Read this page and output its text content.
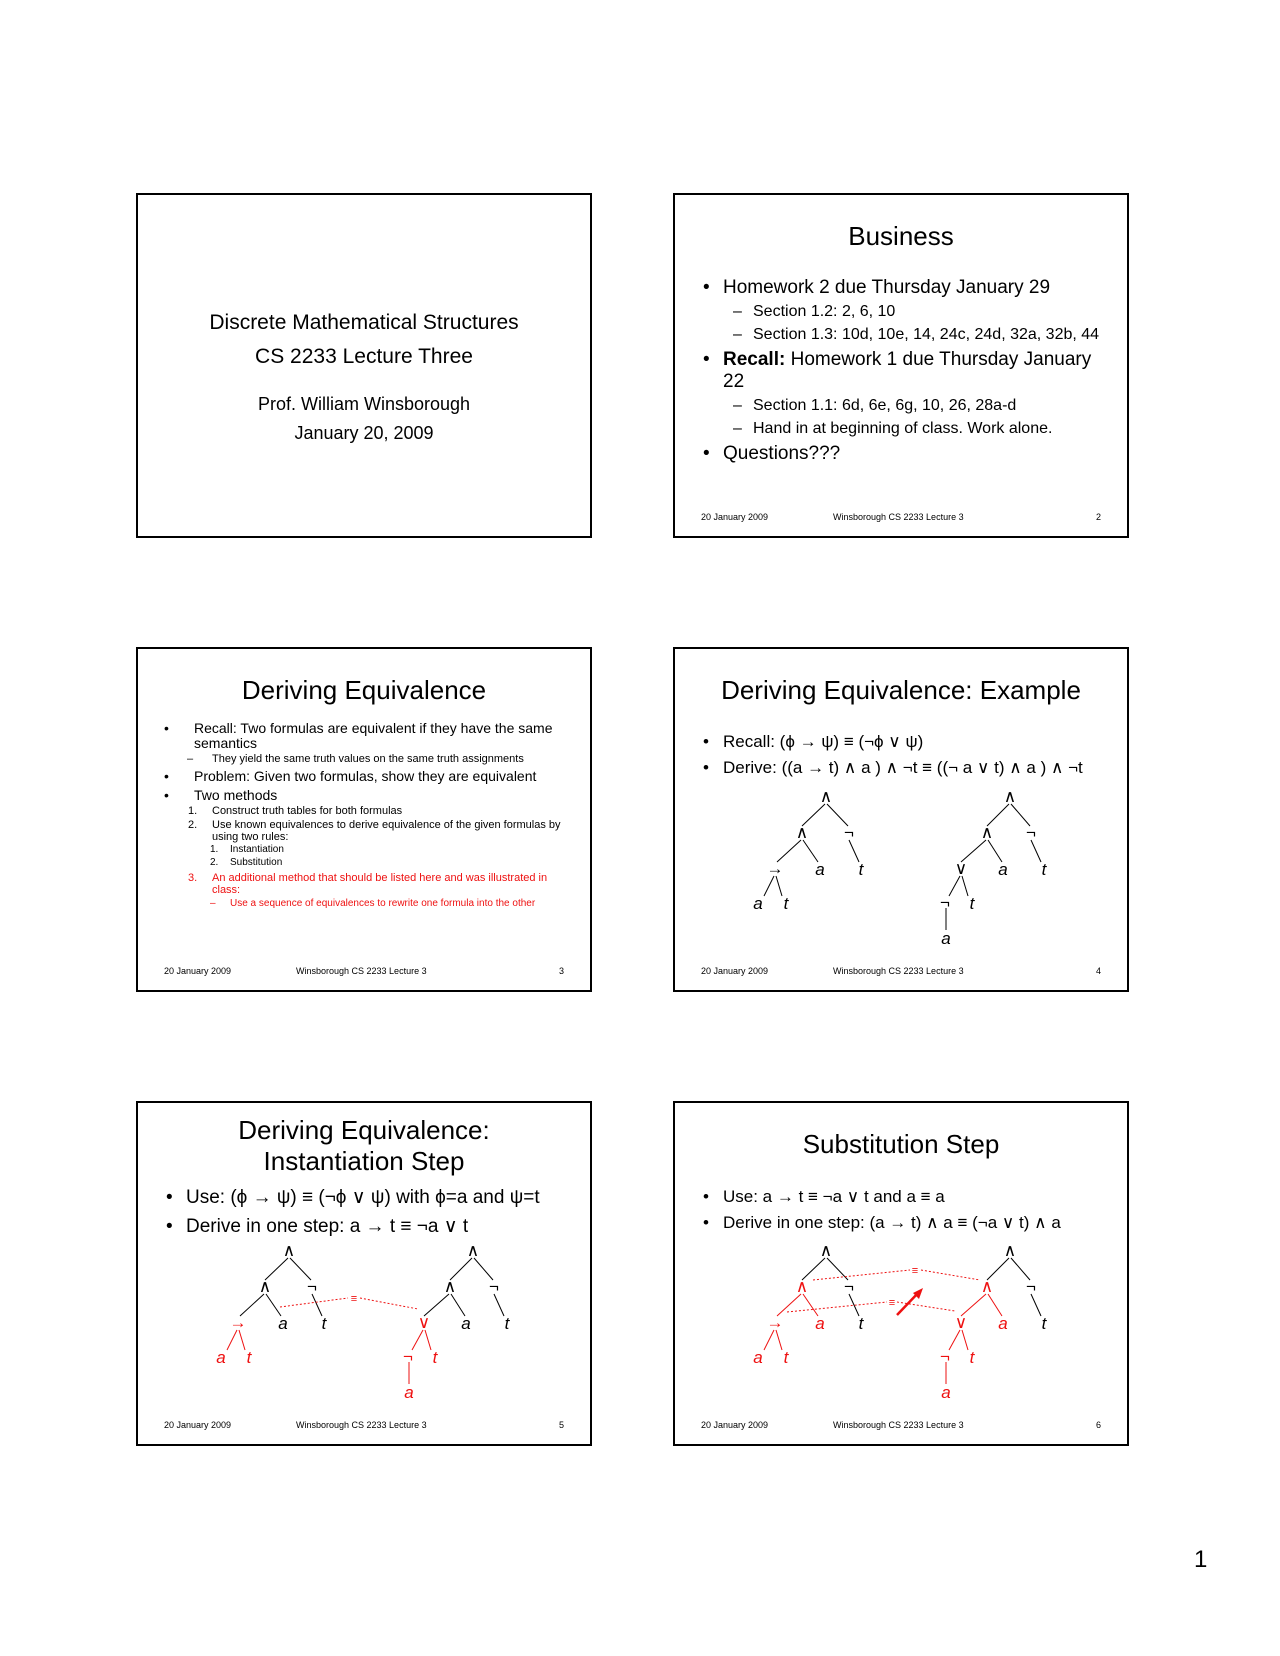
Discrete Mathematical Structures
CS 2233 Lecture Three
Prof. William Winsborough
January 20, 2009
Business
• Homework 2 due Thursday January 29
– Section 1.2: 2, 6, 10
– Section 1.3: 10d, 10e, 14, 24c, 24d, 32a, 32b, 44
• Recall: Homework 1 due Thursday January 22
– Section 1.1: 6d, 6e, 6g, 10, 26, 28a-d
– Hand in at beginning of class. Work alone.
• Questions???
20 January 2009	Winsborough CS 2233 Lecture 3	2
Deriving Equivalence
• Recall: Two formulas are equivalent if they have the same semantics
– They yield the same truth values on the same truth assignments
• Problem: Given two formulas, show they are equivalent
• Two methods
1. Construct truth tables for both formulas
2. Use known equivalences to derive equivalence of the given formulas by using two rules:
1. Instantiation
2. Substitution
3. An additional method that should be listed here and was illustrated in class:
– Use a sequence of equivalences to rewrite one formula into the other
20 January 2009	Winsborough CS 2233 Lecture 3	3
Deriving Equivalence: Example
• Recall: (ϕ → ψ) ≡ (¬ϕ ∨ ψ)
• Derive: ((a → t) ∧ a ) ∧ ¬t ≡ ((¬ a ∨ t) ∧ a ) ∧ ¬t
∧
∧ ¬
→ a t
a t
∧
∧ ¬
∨ a t
¬ t
a
20 January 2009	Winsborough CS 2233 Lecture 3	4
Deriving Equivalence:
Instantiation Step
• Use: (ϕ → ψ) ≡ (¬ϕ ∨ ψ) with ϕ=a and ψ=t
• Derive in one step: a → t ≡ ¬a ∨ t
∧
∧ ¬
→ a t
a t
≡
∧
∧ ¬
∨ a t
¬ t
a
20 January 2009	Winsborough CS 2233 Lecture 3	5
Substitution Step
• Use: a → t ≡ ¬a ∨ t and a ≡ a
• Derive in one step: (a → t) ∧ a ≡ (¬a ∨ t) ∧ a
∧
∧ ¬
→ a t
a t
≡
≡
∧
∧ ¬
∨ a t
¬ t
a
20 January 2009	Winsborough CS 2233 Lecture 3	6
1
